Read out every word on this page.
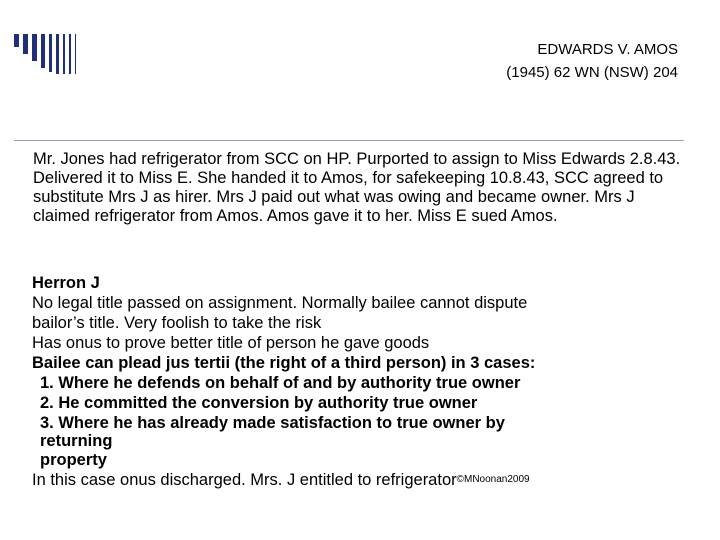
EDWARDS V. AMOS
(1945) 62 WN (NSW) 204
Mr. Jones had refrigerator from SCC on HP. Purported to assign to Miss Edwards 2.8.43. Delivered it to Miss E. She handed it to Amos, for safekeeping 10.8.43, SCC agreed to substitute Mrs J as hirer. Mrs J paid out what was owing and became owner. Mrs J claimed refrigerator from Amos. Amos gave it to her. Miss E sued Amos.
Herron J
No legal title passed on assignment. Normally bailee cannot dispute
bailor’s title. Very foolish to take the risk
Has onus to prove better title of person he gave goods
Bailee can plead jus tertii (the right of a third person) in 3 cases:
1. Where he defends on behalf of and by authority true owner
2. He committed the conversion by authority true owner
3. Where he has already made satisfaction to true owner by
returning
property
In this case onus discharged. Mrs. J entitled to refrigerator©MNoonan2009
